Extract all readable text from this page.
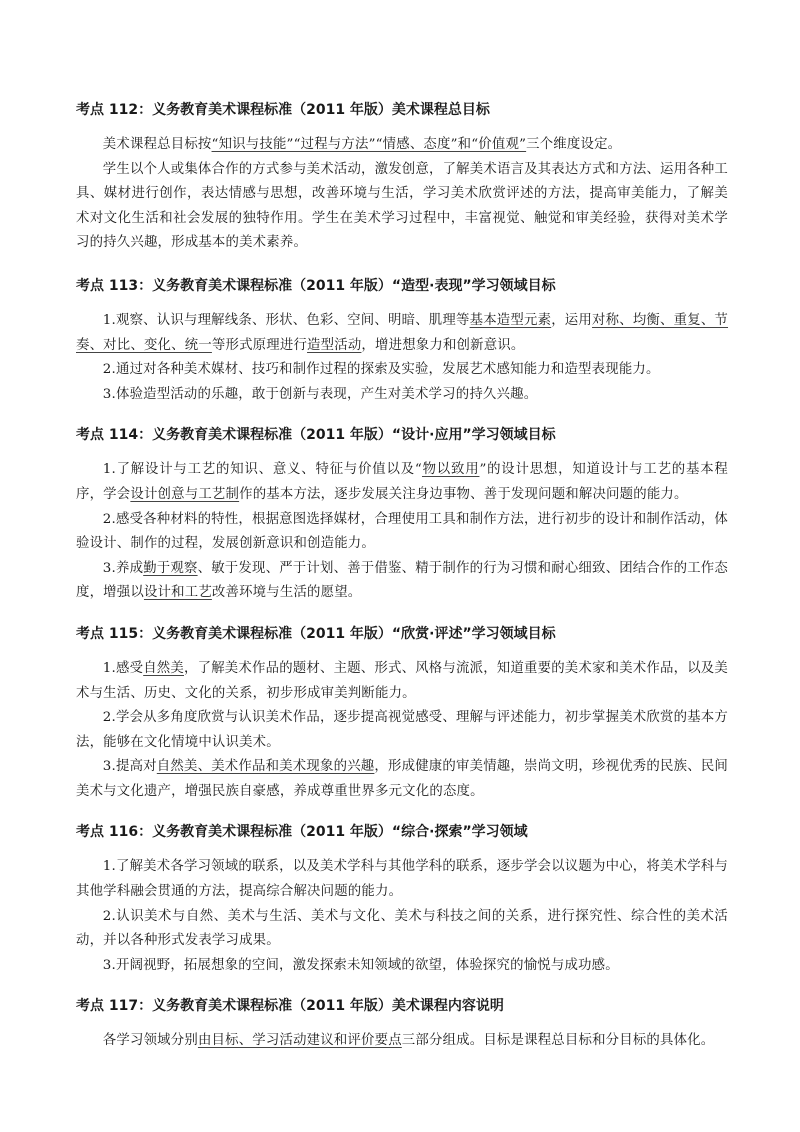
考点 112：义务教育美术课程标准（2011 年版）美术课程总目标

美术课程总目标按“知识与技能”“过程与方法”“情感、态度”和“价值观”三个维度设定。

学生以个人或集体合作的方式参与美术活动，激发创意，了解美术语言及其表达方式和方法、运用各种工具、媒材进行创作，表达情感与思想，改善环境与生活，学习美术欣赏评述的方法，提高审美能力，了解美术对文化生活和社会发展的独特作用。学生在美术学习过程中，丰富视觉、触觉和审美经验，获得对美术学习的持久兴趣，形成基本的美术素养。

考点 113：义务教育美术课程标准（2011 年版）“造型·表现”学习领域目标

1.观察、认识与理解线条、形状、色彩、空间、明暗、肌理等基本造型元素，运用对称、均衡、重复、节奏、对比、变化、统一等形式原理进行造型活动，增进想象力和创新意识。

2.通过对各种美术媒材、技巧和制作过程的探索及实验，发展艺术感知能力和造型表现能力。

3.体验造型活动的乐趣，敢于创新与表现，产生对美术学习的持久兴趣。

考点 114：义务教育美术课程标准（2011 年版）“设计·应用”学习领域目标

1.了解设计与工艺的知识、意义、特征与价值以及“物以致用”的设计思想，知道设计与工艺的基本程序，学会设计创意与工艺制作的基本方法，逐步发展关注身边事物、善于发现问题和解决问题的能力。

2.感受各种材料的特性，根据意图选择媒材，合理使用工具和制作方法，进行初步的设计和制作活动，体验设计、制作的过程，发展创新意识和创造能力。

3.养成勤于观察、敏于发现、严于计划、善于借鉴、精于制作的行为习惯和耐心细致、团结合作的工作态度，增强以设计和工艺改善环境与生活的愿望。

考点 115：义务教育美术课程标准（2011 年版）“欣赏·评述”学习领域目标

1.感受自然美，了解美术作品的题材、主题、形式、风格与流派，知道重要的美术家和美术作品，以及美术与生活、历史、文化的关系，初步形成审美判断能力。

2.学会从多角度欣赏与认识美术作品，逐步提高视觉感受、理解与评述能力，初步掌握美术欣赏的基本方法，能够在文化情境中认识美术。

3.提高对自然美、美术作品和美术现象的兴趣，形成健康的审美情趣，崇尚文明，珍视优秀的民族、民间美术与文化遗产，增强民族自豪感，养成尊重世界多元文化的态度。

考点 116：义务教育美术课程标准（2011 年版）“综合·探索”学习领域

1.了解美术各学习领域的联系，以及美术学科与其他学科的联系，逐步学会以议题为中心，将美术学科与其他学科融会贯通的方法，提高综合解决问题的能力。

2.认识美术与自然、美术与生活、美术与文化、美术与科技之间的关系，进行探究性、综合性的美术活动，并以各种形式发表学习成果。

3.开阔视野，拓展想象的空间，激发探索未知领域的欲望，体验探究的愉悦与成功感。

考点 117：义务教育美术课程标准（2011 年版）美术课程内容说明

各学习领域分别由目标、学习活动建议和评价要点三部分组成。目标是课程总目标和分目标的具体化。
